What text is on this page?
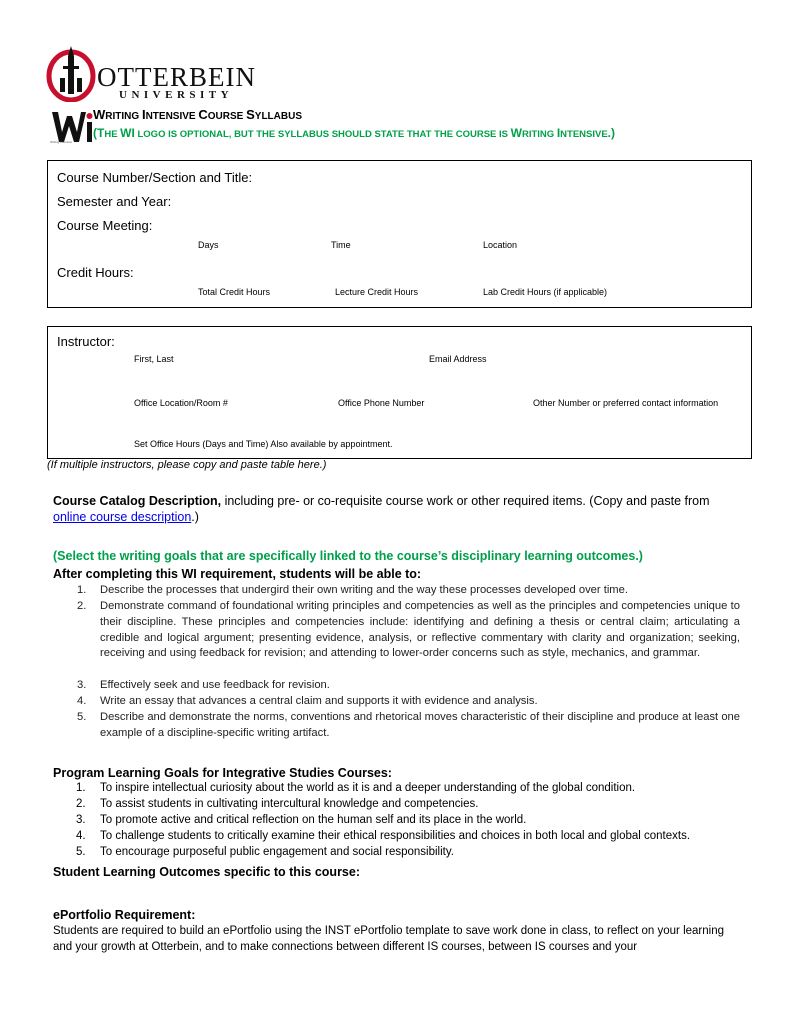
OTTERBEIN
UNIVERSITY
Writing Intensive
WRITING INTENSIVE COURSE SYLLABUS
(THE WI LOGO IS OPTIONAL, BUT THE SYLLABUS SHOULD STATE THAT THE COURSE IS WRITING INTENSIVE.)
Course Number/Section and Title:
Semester and Year:
Course Meeting:
Days	Time	Location
Credit Hours:
Total Credit Hours	Lecture Credit Hours	Lab Credit Hours (if applicable)
Instructor:
First, Last	Email Address
Office Location/Room #	Office Phone Number	Other Number or preferred contact information
Set Office Hours (Days and Time) Also available by appointment.
(If multiple instructors, please copy and paste table here.)
Course Catalog Description, including pre- or co-requisite course work or other required items. (Copy and paste from
online course description.)
(Select the writing goals that are specifically linked to the course’s disciplinary learning outcomes.)
After completing this WI requirement, students will be able to:
1. Describe the processes that undergird their own writing and the way these processes developed over time.
2. Demonstrate command of foundational writing principles and competencies as well as the principles and competencies unique to their discipline. These principles and competencies include: identifying and defining a thesis or central claim; articulating a credible and logical argument; presenting evidence, analysis, or reflective commentary with clarity and organization; seeking, receiving and using feedback for revision; and attending to lower-order concerns such as style, mechanics, and grammar.
3. Effectively seek and use feedback for revision.
4. Write an essay that advances a central claim and supports it with evidence and analysis.
5. Describe and demonstrate the norms, conventions and rhetorical moves characteristic of their discipline and produce at least one example of a discipline-specific writing artifact.
Program Learning Goals for Integrative Studies Courses:
1. To inspire intellectual curiosity about the world as it is and a deeper understanding of the global condition.
2. To assist students in cultivating intercultural knowledge and competencies.
3. To promote active and critical reflection on the human self and its place in the world.
4. To challenge students to critically examine their ethical responsibilities and choices in both local and global contexts.
5. To encourage purposeful public engagement and social responsibility.
Student Learning Outcomes specific to this course:
ePortfolio Requirement:
Students are required to build an ePortfolio using the INST ePortfolio template to save work done in class, to reflect on your learning and your growth at Otterbein, and to make connections between different IS courses, between IS courses and your
